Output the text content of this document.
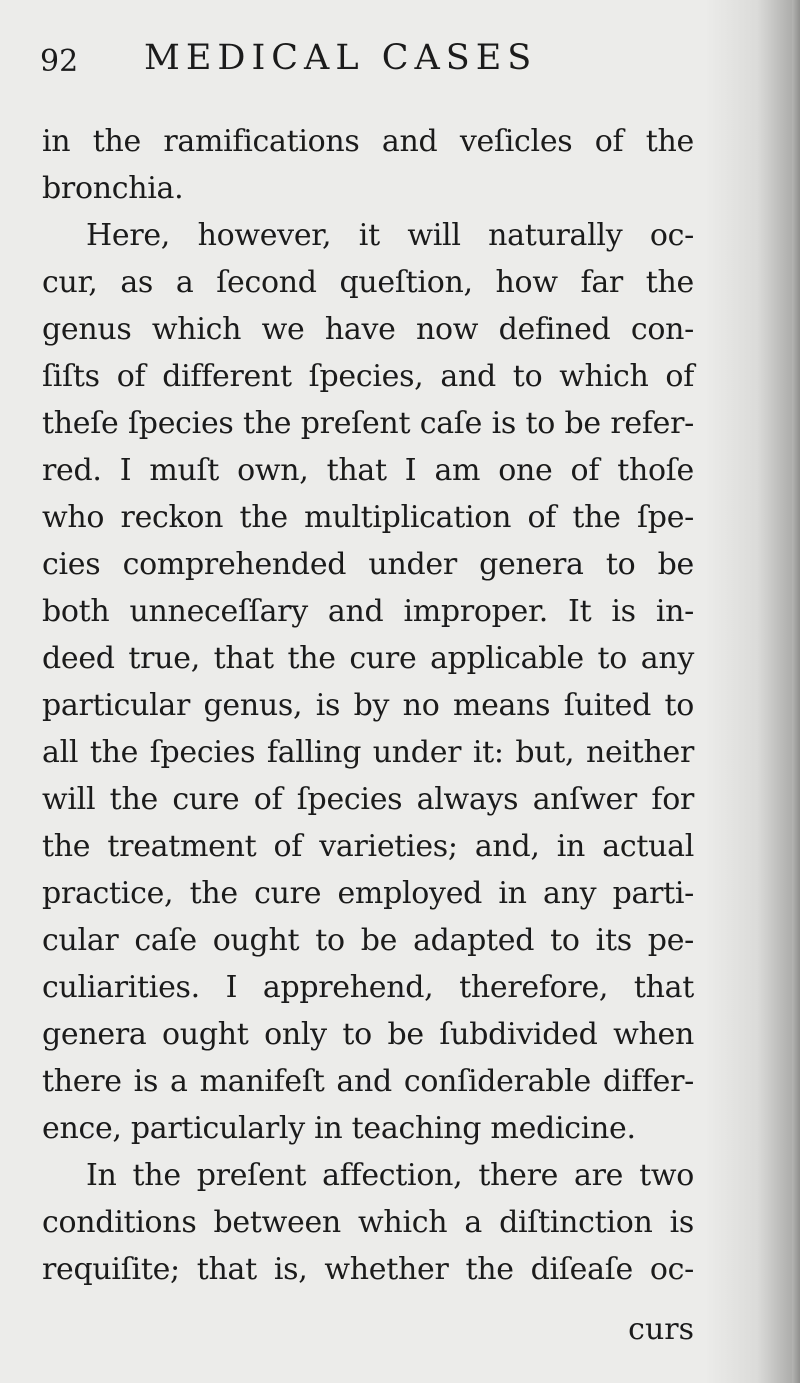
92 MEDICAL CASES
in the ramifications and veſicles of the
bronchia.
Here, however, it will naturally oc-
cur, as a ſecond queſtion, how far the
genus which we have now defined con-
ſiſts of different ſpecies, and to which of
theſe ſpecies the preſent caſe is to be refer-
red. I muſt own, that I am one of thoſe
who reckon the multiplication of the ſpe-
cies comprehended under genera to be
both unneceſſary and improper. It is in-
deed true, that the cure applicable to any
particular genus, is by no means ſuited to
all the ſpecies falling under it: but, neither
will the cure of ſpecies always anſwer for
the treatment of varieties; and, in actual
practice, the cure employed in any parti-
cular caſe ought to be adapted to its pe-
culiarities. I apprehend, therefore, that
genera ought only to be ſubdivided when
there is a manifeſt and conſiderable differ-
ence, particularly in teaching medicine.
In the preſent affection, there are two
conditions between which a diſtinction is
requiſite; that is, whether the diſeaſe oc-
curs
